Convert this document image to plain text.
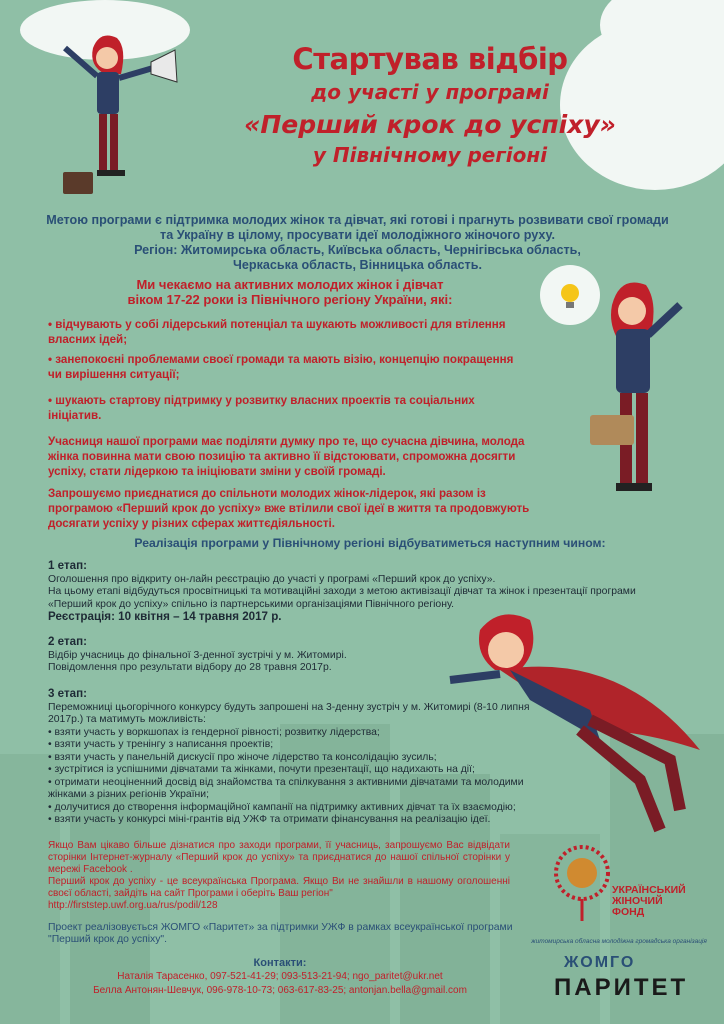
Стартував відбір
до участі у програмі
«Перший крок до успіху»
у Північному регіоні
Метою програми є підтримка молодих жінок та дівчат, які готові і прагнуть розвивати свої громади та Україну в цілому, просувати ідеї молодіжного жіночого руху.
Регіон: Житомирська область, Київська область, Чернігівська область,
Черкаська область, Вінницька область.
Ми чекаємо на активних молодих жінок і дівчат
віком 17-22 роки із Північного регіону України, які:
• відчувають у собі лідерський потенціал та шукають можливості для втілення власних ідей;
• занепокоєні проблемами своєї громади та мають візію, концепцію покращення чи вирішення ситуації;
• шукають стартову підтримку у розвитку власних проектів та соціальних ініціатив.
Учасниця нашої програми має поділяти думку про те, що сучасна дівчина, молода жінка повинна мати свою позицію та активно її відстоювати, спроможна досягти успіху, стати лідеркою та ініціювати зміни у своїй громаді.
Запрошуємо приєднатися до спільноти молодих жінок-лідерок, які разом із програмою «Перший крок до успіху» вже втілили свої ідеї в життя та продовжують досягати успіху у різних сферах життєдіяльності.
Реалізація програми у Північному регіоні відбуватиметься наступним чином:
1 етап:
Оголошення про відкриту он-лайн реєстрацію до участі у програмі «Перший крок до успіху».
На цьому етапі відбудуться просвітницькі та мотиваційні заходи з метою активізації дівчат та жінок і презентації програми «Перший крок до успіху» спільно із партнерськими організаціями Північного регіону.
Реєстрація: 10 квітня – 14 травня 2017 р.
2 етап:
Відбір учасниць до фінальної 3-денної зустрічі у м. Житомирі.
Повідомлення про результати відбору до 28 травня 2017р.
3 етап:
Переможниці цьогорічного конкурсу будуть запрошені на 3-денну зустріч у м. Житомирі (8-10 липня 2017р.) та матимуть можливість:
• взяти участь у воркшопах із гендерної рівності; розвитку лідерства;
• взяти участь у тренінгу з написання проектів;
• взяти участь у панельній дискусії про жіноче лідерство та консолідацію зусиль;
• зустрітися із успішними дівчатами та жінками, почути презентації, що надихають на дії;
• отримати неоціненний досвід від знайомства та спілкування з активними дівчатами та молодими жінками з різних регіонів України;
• долучитися до створення інформаційної кампанії на підтримку активних дівчат та їх взаємодію;
• взяти участь у конкурсі міні-грантів від УЖФ та отримати фінансування на реалізацію ідеї.
Якщо Вам цікаво більше дізнатися про заходи програми, її учасниць, запрошуємо Вас відвідати сторінки Інтернет-журналу «Перший крок до успіху» та приєднатися до нашої спільної сторінки у мережі Facebook .
Перший крок до успіху - це всеукраїнська Програма. Якщо Ви не знайшли в нашому оголошенні своєї області, зайдіть на сайт Програми і оберіть Ваш регіон"
http://firststep.uwf.org.ua/rus/podil/128
Проект реалізовується ЖОМГО «Паритет» за підтримки УЖФ в рамках всеукраїнської програми "Перший крок до успіху".
Контакти:
Наталія Тарасенко, 097-521-41-29; 093-513-21-94; ngo_paritet@ukr.net
Белла Антонян-Шевчук, 096-978-10-73; 063-617-83-25; antonjan.bella@gmail.com
УКРАЇНСЬКИЙ ЖІНОЧИЙ ФОНД
житомирська обласна молодіжна громадська організація
ЖОМГО
ПАРИТЕТ
